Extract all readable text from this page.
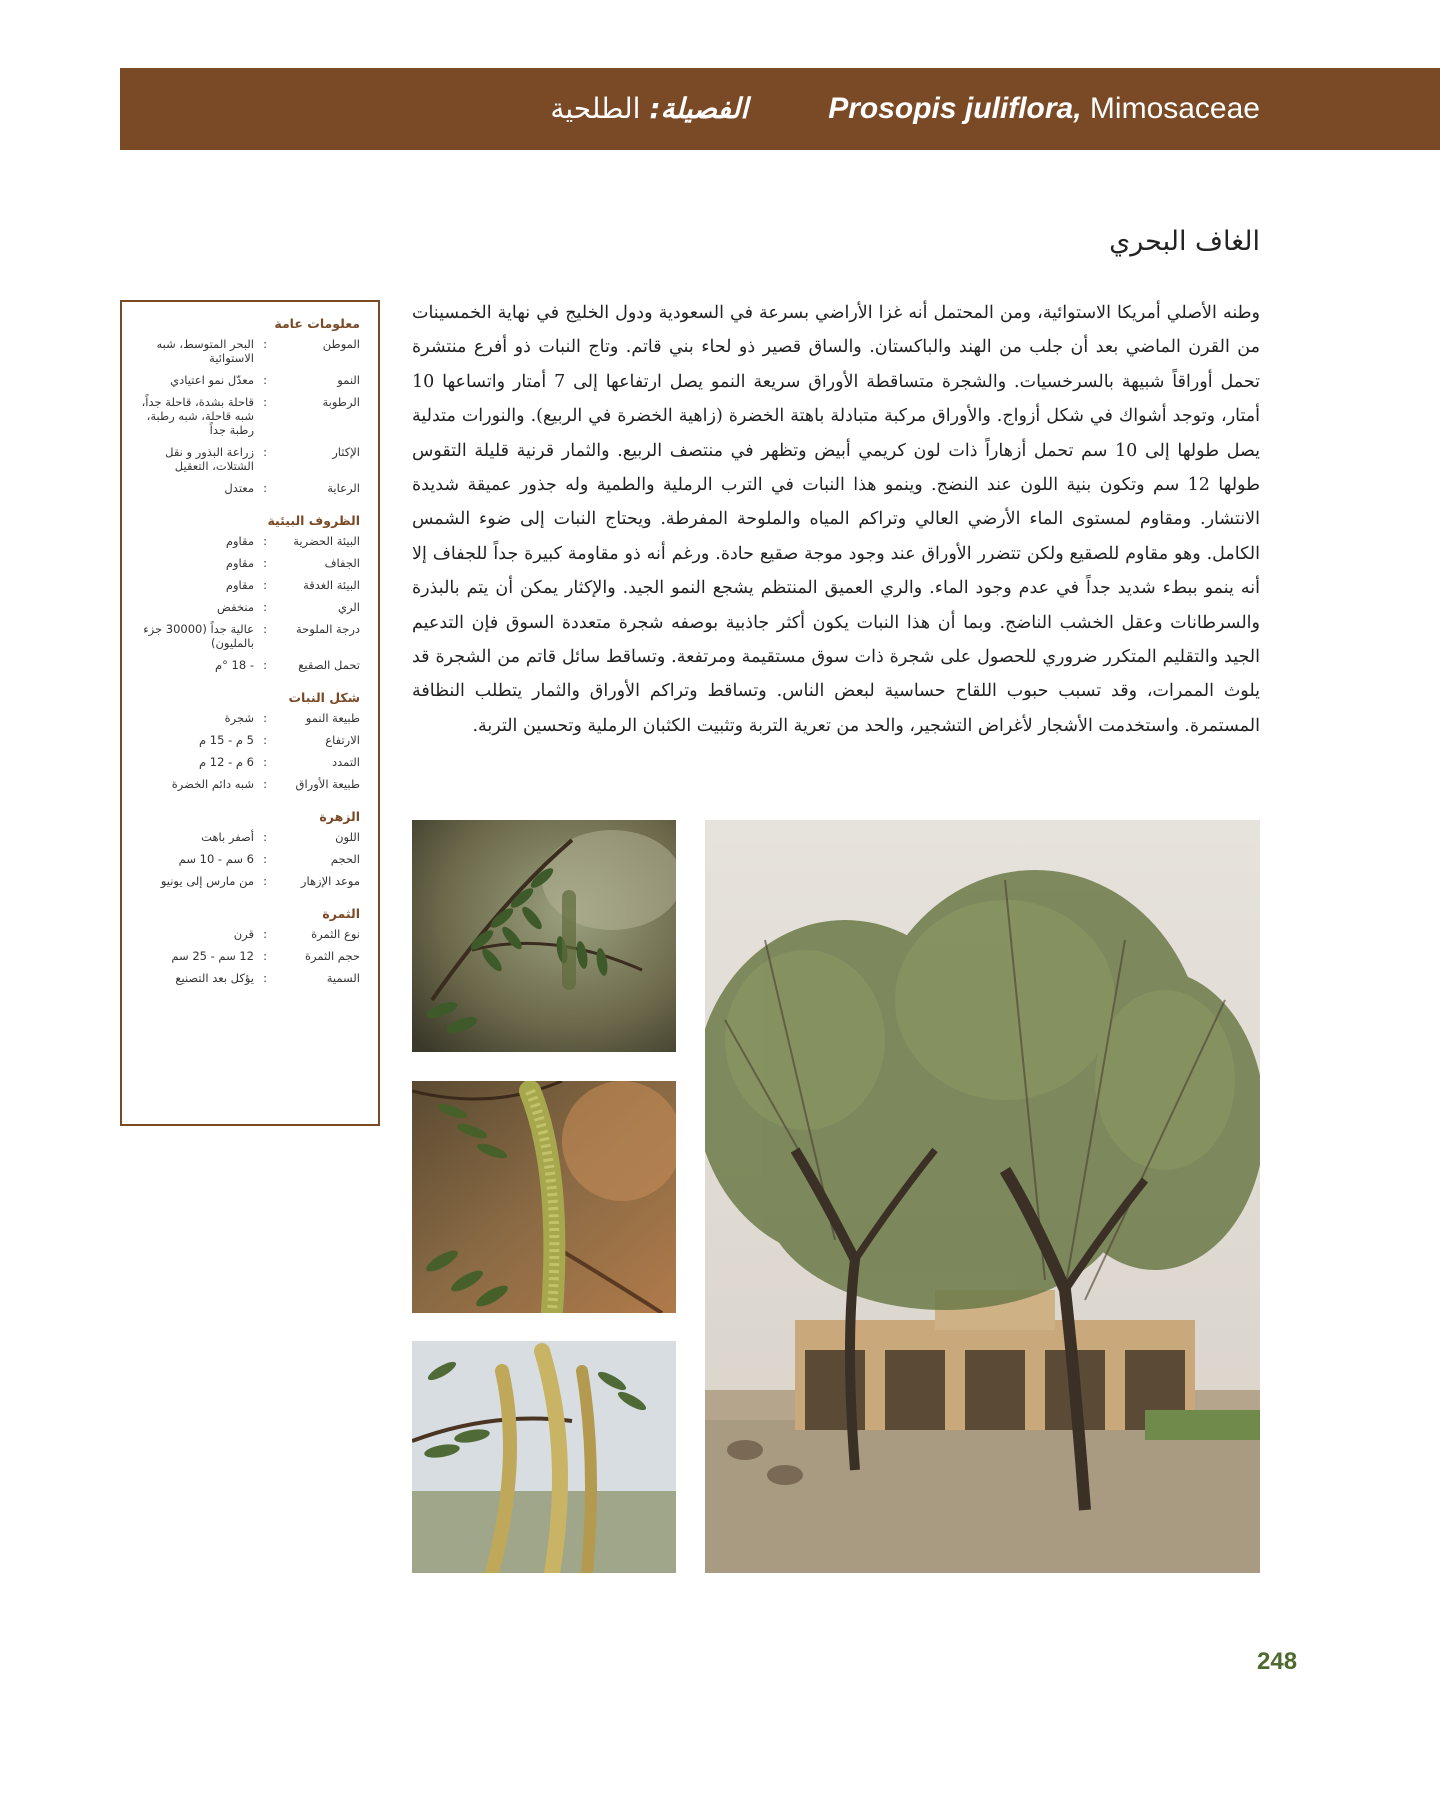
Prosopis juliflora, Mimosaceae
الفصيلة: الطلحية
الغاف البحري

وطنه الأصلي أمريكا الاستوائية، ومن المحتمل أنه غزا الأراضي بسرعة في السعودية ودول الخليج في نهاية الخمسينات من القرن الماضي بعد أن جلب من الهند والباكستان. والساق قصير ذو لحاء بني قاتم. وتاج النبات ذو أفرع منتشرة تحمل أوراقاً شبيهة بالسرخسيات. والشجرة متساقطة الأوراق سريعة النمو يصل ارتفاعها إلى 7 أمتار واتساعها 10 أمتار، وتوجد أشواك في شكل أزواج. والأوراق مركبة متبادلة باهتة الخضرة (زاهية الخضرة في الربيع). والنورات متدلية يصل طولها إلى 10 سم تحمل أزهاراً ذات لون كريمي أبيض وتظهر في منتصف الربيع. والثمار قرنية قليلة التقوس طولها 12 سم وتكون بنية اللون عند النضج. وينمو هذا النبات في الترب الرملية والطمية وله جذور عميقة شديدة الانتشار. ومقاوم لمستوى الماء الأرضي العالي وتراكم المياه والملوحة المفرطة. ويحتاج النبات إلى ضوء الشمس الكامل. وهو مقاوم للصقيع ولكن تتضرر الأوراق عند وجود موجة صقيع حادة. ورغم أنه ذو مقاومة كبيرة جداً للجفاف إلا أنه ينمو ببطء شديد جداً في عدم وجود الماء. والري العميق المنتظم يشجع النمو الجيد. والإكثار يمكن أن يتم بالبذرة والسرطانات وعقل الخشب الناضج. وبما أن هذا النبات يكون أكثر جاذبية بوصفه شجرة متعددة السوق فإن التدعيم الجيد والتقليم المتكرر ضروري للحصول على شجرة ذات سوق مستقيمة ومرتفعة. وتساقط سائل قاتم من الشجرة قد يلوث الممرات، وقد تسبب حبوب اللقاح حساسية لبعض الناس. وتساقط وتراكم الأوراق والثمار يتطلب النظافة المستمرة. واستخدمت الأشجار لأغراض التشجير، والحد من تعرية التربة وتثبيت الكثبان الرملية وتحسين التربة.

معلومات عامة
الموطن
:
البحر المتوسط، شبه الاستوائية
النمو
:
معدّل نمو اعتيادي
الرطوبة
:
قاحلة بشدة، قاحلة جداً، شبه قاحلة، شبه رطبة، رطبة جداً
الإكثار
:
زراعة البذور و نقل الشتلات، التعقيل
الرعاية
:
معتدل
الظروف البيئية
البيئة الحضرية
:
مقاوم
الجفاف
:
مقاوم
البيئة الغدقة
:
مقاوم
الري
:
منخفض
درجة الملوحة
:
عالية جداً (30000 جزء بالمليون)
تحمل الصقيع
:
- 18 °م
شكل النبات
طبيعة النمو
:
شجرة
الارتفاع
:
5 م - 15 م
التمدد
:
6 م - 12 م
طبيعة الأوراق
:
شبه دائم الخضرة
الزهرة
اللون
:
أصفر باهت
الحجم
:
6 سم - 10 سم
موعد الإزهار
:
من مارس إلى يونيو
الثمرة
نوع الثمرة
:
قرن
حجم الثمرة
:
12 سم - 25 سم
السمية
:
يؤكل بعد التصنيع
248
